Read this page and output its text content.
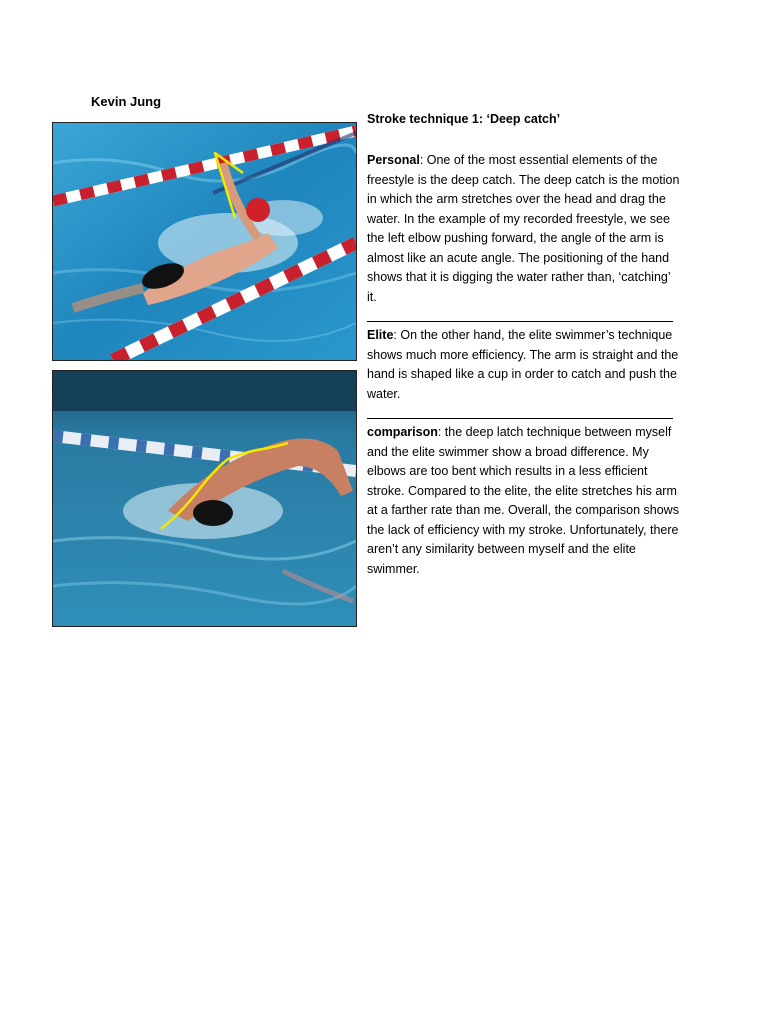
Kevin Jung
Stroke technique 1: ‘Deep catch’
Personal: One of the most essential elements of the freestyle is the deep catch. The deep catch is the motion in which the arm stretches over the head and drag the water. In the example of my recorded freestyle, we see the left elbow pushing forward, the angle of the arm is almost like an acute angle. The positioning of the hand shows that it is digging the water rather than, ‘catching’ it.
Elite: On the other hand, the elite swimmer’s technique shows much more efficiency. The arm is straight and the hand is shaped like a cup in order to catch and push the water.
comparison: the deep latch technique between myself and the elite swimmer show a broad difference. My elbows are too bent which results in a less efficient stroke. Compared to the elite, the elite stretches his arm at a farther rate than me. Overall, the comparison shows the lack of efficiency with my stroke. Unfortunately, there aren’t any similarity between myself and the elite swimmer.
